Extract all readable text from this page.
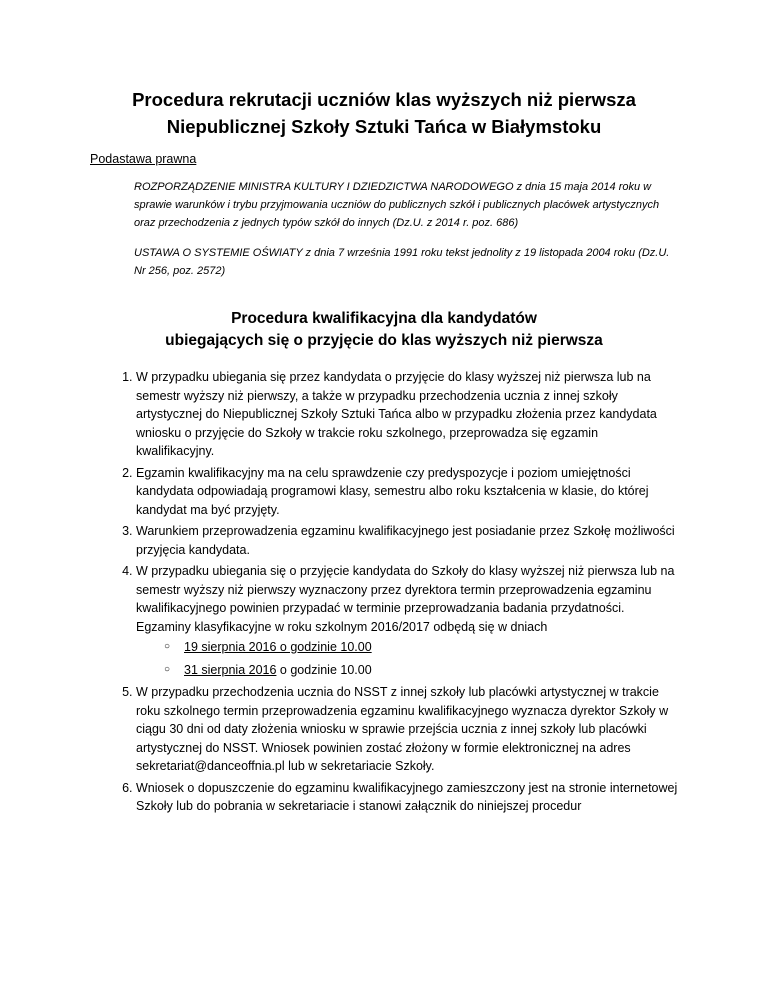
Procedura rekrutacji uczniów klas wyższych niż pierwsza
Niepublicznej Szkoły Sztuki Tańca w Białymstoku
Podastawa prawna

ROZPORZĄDZENIE MINISTRA KULTURY I DZIEDZICTWA NARODOWEGO z dnia 15 maja 2014 roku w sprawie warunków i trybu przyjmowania uczniów do publicznych szkół i publicznych placówek artystycznych oraz przechodzenia z jednych typów szkół do innych (Dz.U. z 2014 r. poz. 686)

USTAWA O SYSTEMIE OŚWIATY z dnia 7 września 1991 roku tekst jednolity z 19 listopada 2004 roku (Dz.U. Nr 256, poz. 2572)

Procedura kwalifikacyjna dla kandydatów
ubiegających się o przyjęcie do klas wyższych niż pierwsza

1. W przypadku ubiegania się przez kandydata o przyjęcie do klasy wyższej niż pierwsza lub na semestr wyższy niż pierwszy, a także w przypadku przechodzenia ucznia z innej szkoły artystycznej do Niepublicznej Szkoły Sztuki Tańca albo w przypadku złożenia przez kandydata wniosku o przyjęcie do Szkoły w trakcie roku szkolnego, przeprowadza się egzamin kwalifikacyjny.

2. Egzamin kwalifikacyjny ma na celu sprawdzenie czy predyspozycje i poziom umiejętności kandydata odpowiadają programowi klasy, semestru albo roku kształcenia w klasie, do której kandydat ma być przyjęty.

3. Warunkiem przeprowadzenia egzaminu kwalifikacyjnego jest posiadanie przez Szkołę możliwości przyjęcia kandydata.

4. W przypadku ubiegania się o przyjęcie kandydata do Szkoły do klasy wyższej niż pierwsza lub na semestr wyższy niż pierwszy wyznaczony przez dyrektora termin przeprowadzenia egzaminu kwalifikacyjnego powinien przypadać w terminie przeprowadzania badania przydatności.

Egzaminy klasyfikacyjne w roku szkolnym 2016/2017 odbędą się w dniach

○ 19 sierpnia 2016 o godzinie 10.00
○ 31 sierpnia 2016 o godzinie 10.00

5. W przypadku przechodzenia ucznia do NSST z innej szkoły lub placówki artystycznej w trakcie roku szkolnego termin przeprowadzenia egzaminu kwalifikacyjnego wyznacza dyrektor Szkoły w ciągu 30 dni od daty złożenia wniosku w sprawie przejścia ucznia z innej szkoły lub placówki artystycznej do NSST. Wniosek powinien zostać złożony w formie elektronicznej na adres sekretariat@danceoffnia.pl lub w sekretariacie Szkoły.

6. Wniosek o dopuszczenie do egzaminu kwalifikacyjnego zamieszczony jest na stronie internetowej Szkoły lub do pobrania w sekretariacie i stanowi załącznik do niniejszej procedur
